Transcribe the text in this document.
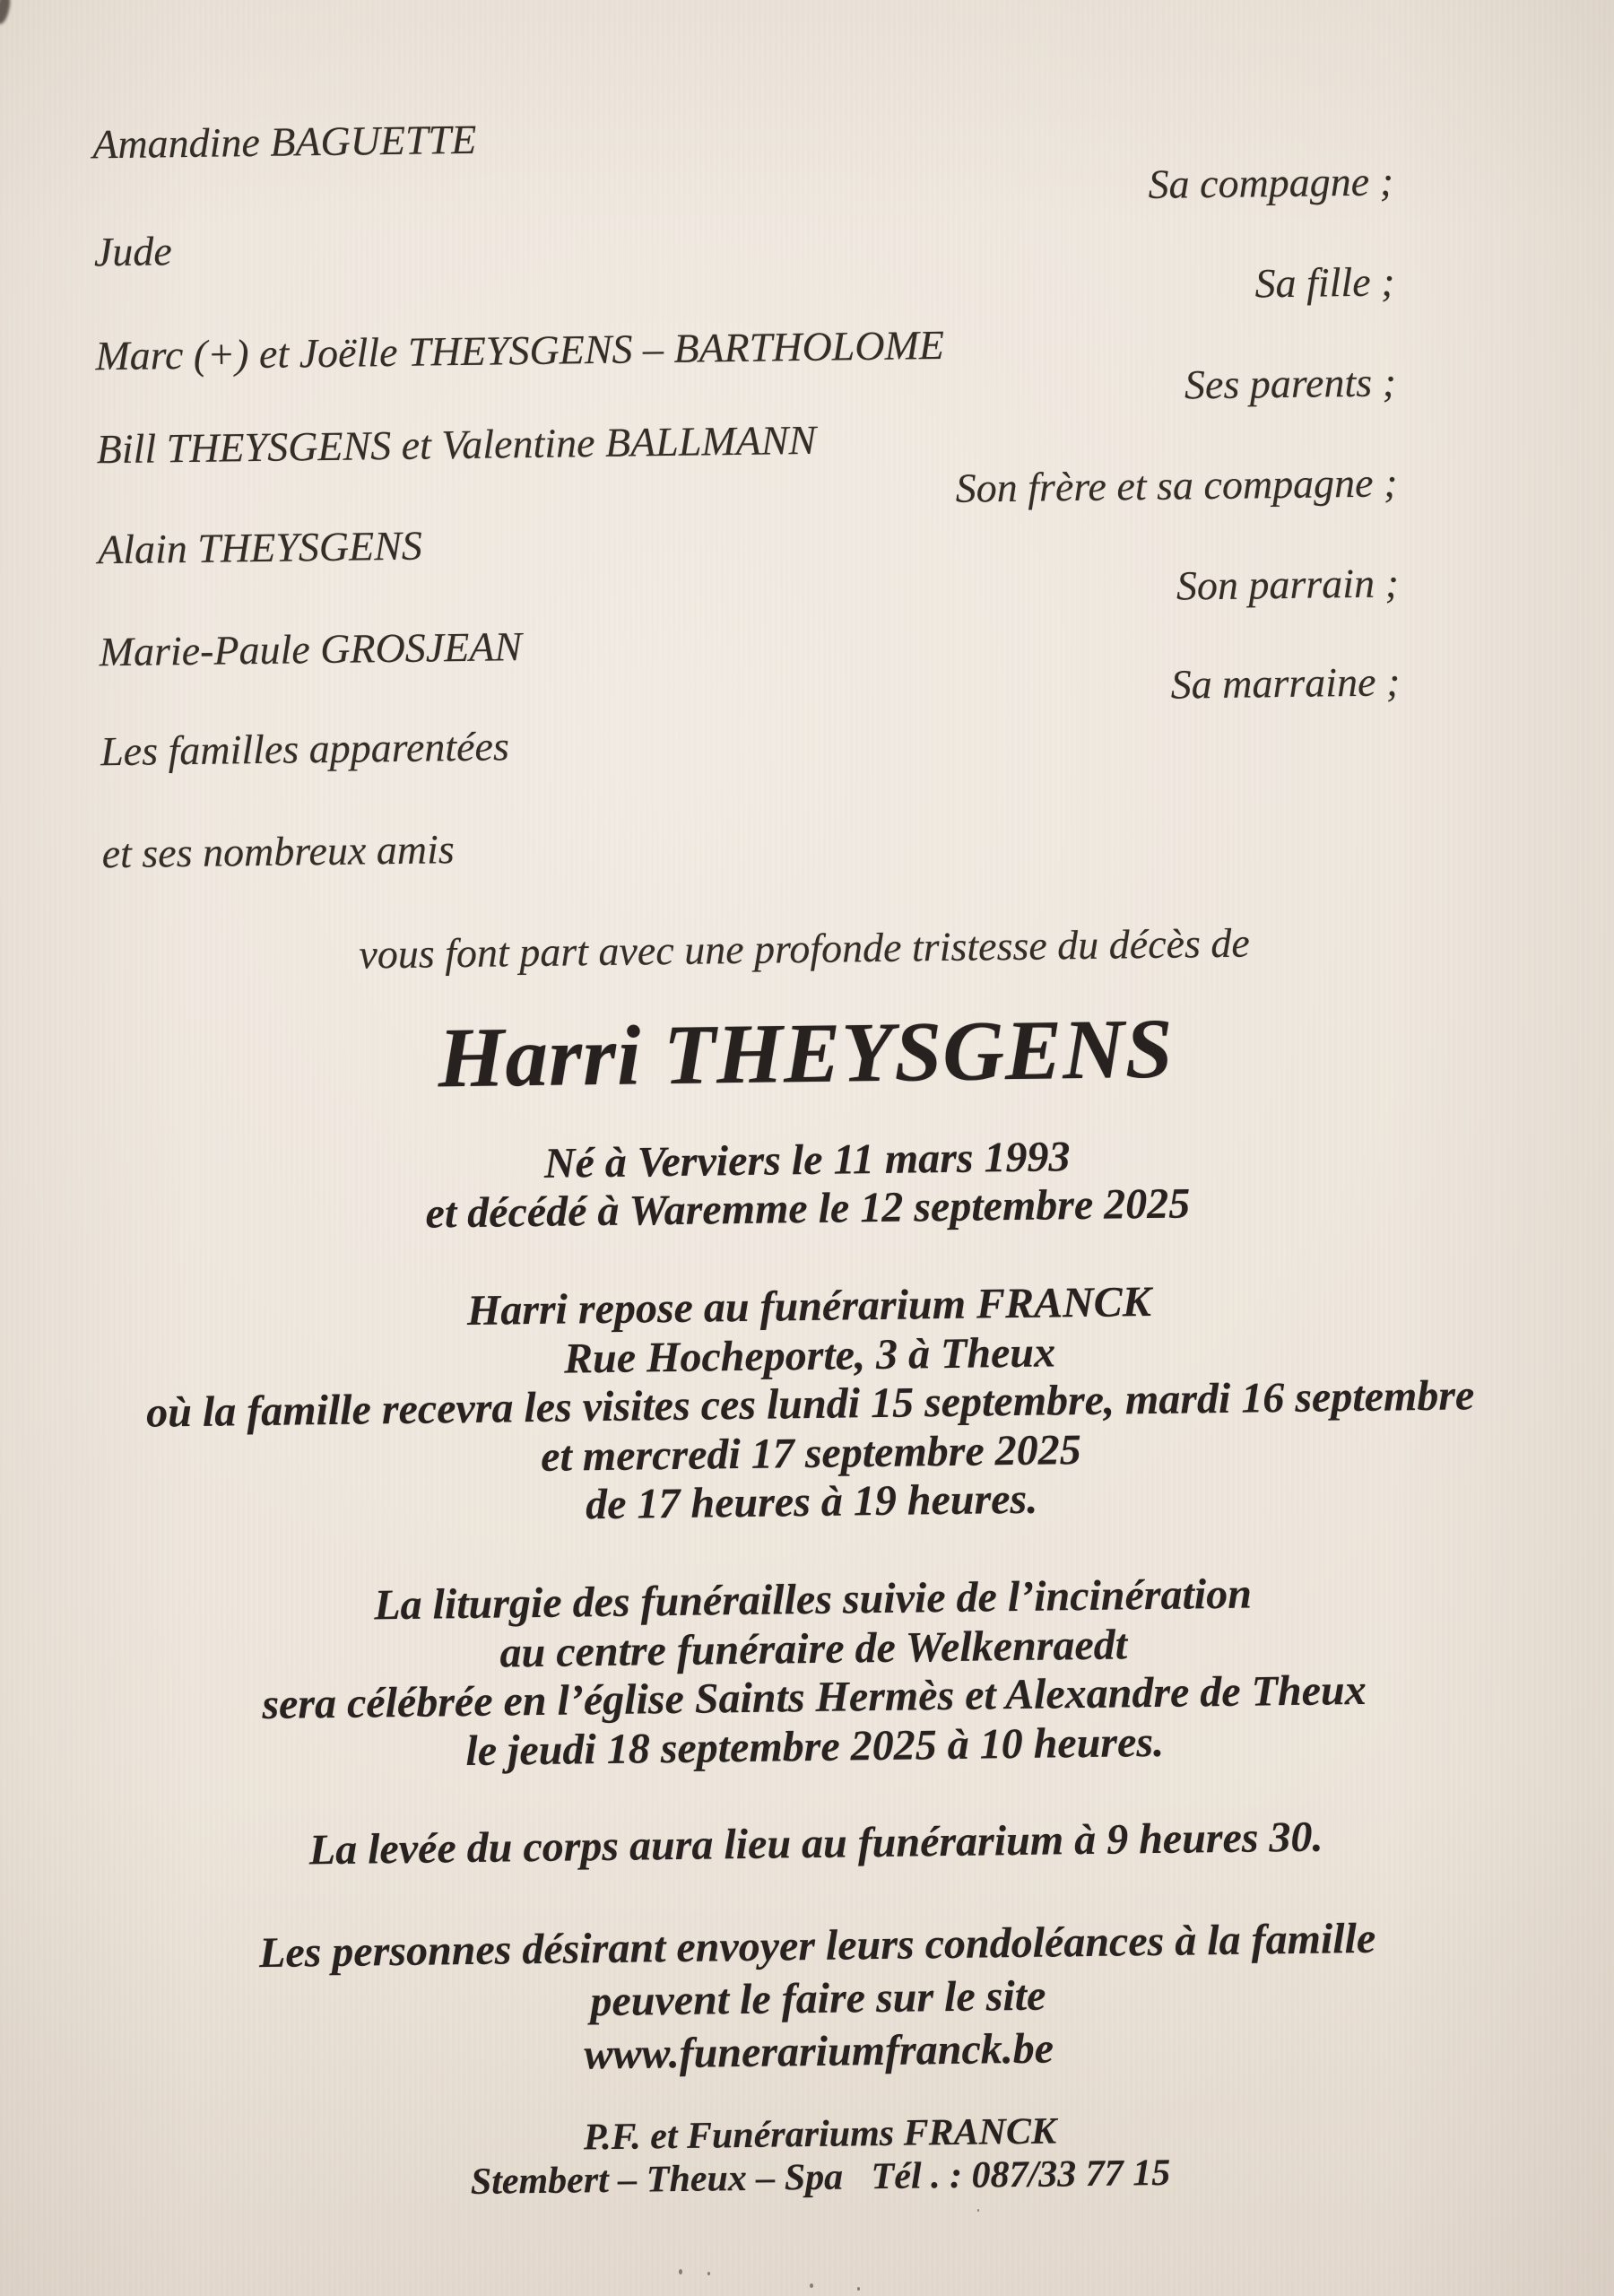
Amandine BAGUETTE
Sa compagne ;
Jude
Sa fille ;
Marc (+) et Joëlle THEYSGENS – BARTHOLOME
Ses parents ;
Bill THEYSGENS et Valentine BALLMANN
Son frère et sa compagne ;
Alain THEYSGENS
Son parrain ;
Marie-Paule GROSJEAN
Sa marraine ;
Les familles apparentées
et ses nombreux amis
vous font part avec une profonde tristesse du décès de
Harri THEYSGENS
Né à Verviers le 11 mars 1993
et décédé à Waremme le 12 septembre 2025
Harri repose au funérarium FRANCK
Rue Hocheporte, 3 à Theux
où la famille recevra les visites ces lundi 15 septembre, mardi 16 septembre
et mercredi 17 septembre 2025
de 17 heures à 19 heures.
La liturgie des funérailles suivie de l’incinération
au centre funéraire de Welkenraedt
sera célébrée en l’église Saints Hermès et Alexandre de Theux
le jeudi 18 septembre 2025 à 10 heures.
La levée du corps aura lieu au funérarium à 9 heures 30.
Les personnes désirant envoyer leurs condoléances à la famille
peuvent le faire sur le site
www.funerariumfranck.be
P.F. et Funérariums FRANCK
Stembert – Theux – Spa   Tél . : 087/33 77 15
